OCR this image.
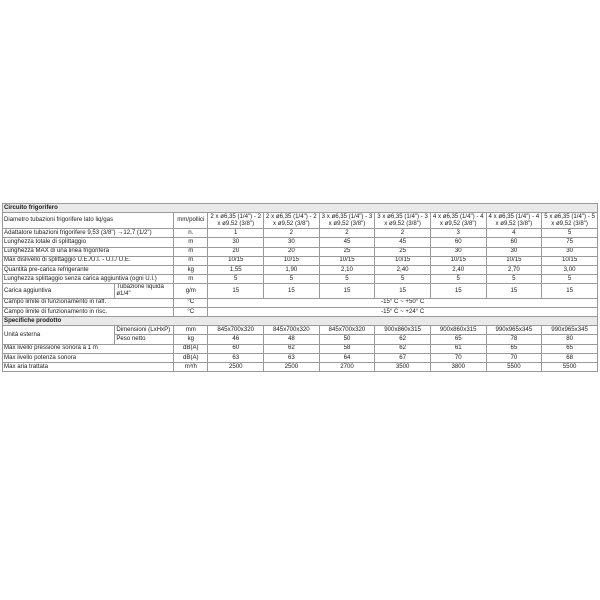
Circuito frigorifero									
Diametro tubazioni frigorifere lato liq/gas		mm/pollici	2 x ø6,35 (1/4") - 2 x ø9,52 (3/8")	2 x ø6,35 (1/4") - 2 x ø9,52 (3/8")	3 x ø6,35 (1/4") - 3 x ø9,52 (3/8")	3 x ø6,35 (1/4") - 3 x ø9,52 (3/8")	4 x ø6,35 (1/4") - 4 x ø9,52 (3/8")	4 x ø6,35 (1/4") - 4 x ø9,52 (3/8")	5 x ø6,35 (1/4") - 5 x ø9,52 (3/8")
Adattatore tubazioni frigorifere 9,53 (3/8") →12,7 (1/2")		n.	1	2	2	2	3	4	5
Lunghezza totale di splittaggio		m	30	30	45	45	60	60	75
Lunghezza MAX di una linea frigorifera		m	20	20	25	25	30	30	30
Max dislivello di splittaggio U.E./U.I. - U.I./ U.E.		m	10/15	10/15	10/15	10/15	10/15	10/15	10/15
Quantità pre-carica refrigerante		kg	1,55	1,90	2,10	2,40	2,40	2,70	3,00
Lunghezza splittaggio senza carica aggiuntiva (ogni U.I.)		m	5	5	5	5	5	5	5
Carica aggiuntiva	Tubazione liquida ø1/4"	g/m	15	15	15	15	15	15	15
Campo limite di funzionamento in raff.		°C	-15° C ~ +50° C						
Campo limite di funzionamento in risc.		°C	-15° C ~ +24° C						
Specifiche prodotto									
Unità esterna	Dimensioni (LxHxP)	mm	845x700x320	845x700x320	845x700x320	900x860x315	900x860x315	990x965x345	990x965x345
	Peso netto	kg	46	48	50	62	65	78	80
Max livello pressione sonora a 1 m		dB(A)	60	62	58	62	61	65	65
Max livello potenza sonora		dB(A)	63	63	64	67	70	70	68
Max aria trattata		m³/h	2500	2500	2700	3500	3800	5500	5500
